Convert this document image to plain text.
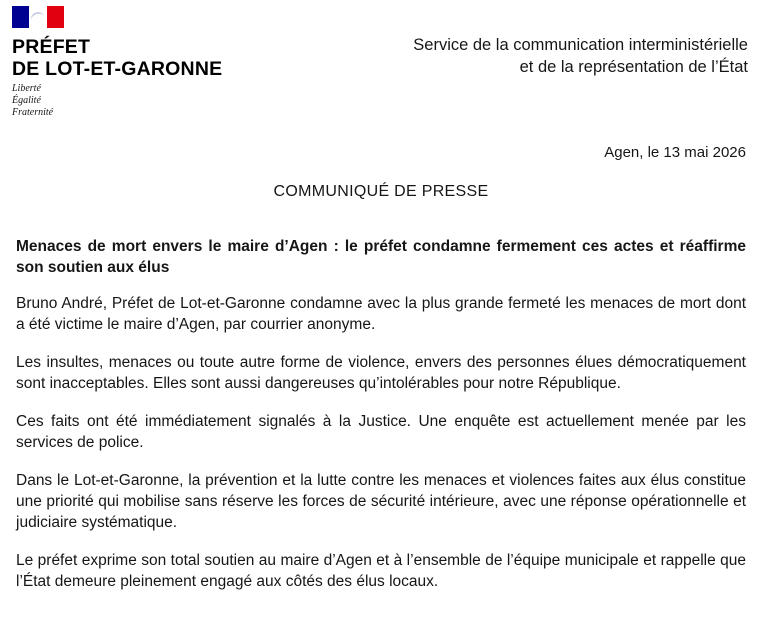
PRÉFET
DE LOT-ET-GARONNE
Liberté
Égalité
Fraternité
Service de la communication interministérielle
et de la représentation de l’État
Agen, le 13 mai 2026
COMMUNIQUÉ DE PRESSE

Menaces de mort envers le maire d’Agen : le préfet condamne fermement ces actes et réaffirme son soutien aux élus

Bruno André, Préfet de Lot-et-Garonne condamne avec la plus grande fermeté les menaces de mort dont a été victime le maire d’Agen, par courrier anonyme.

Les insultes, menaces ou toute autre forme de violence, envers des personnes élues démocratiquement sont inacceptables. Elles sont aussi dangereuses qu’intolérables pour notre République.

Ces faits ont été immédiatement signalés à la Justice. Une enquête est actuellement menée par les services de police.

Dans le Lot-et-Garonne, la prévention et la lutte contre les menaces et violences faites aux élus constitue une priorité qui mobilise sans réserve les forces de sécurité intérieure, avec une réponse opérationnelle et judiciaire systématique.

Le préfet exprime son total soutien au maire d’Agen et à l’ensemble de l’équipe municipale et rappelle que l’État demeure pleinement engagé aux côtés des élus locaux.
